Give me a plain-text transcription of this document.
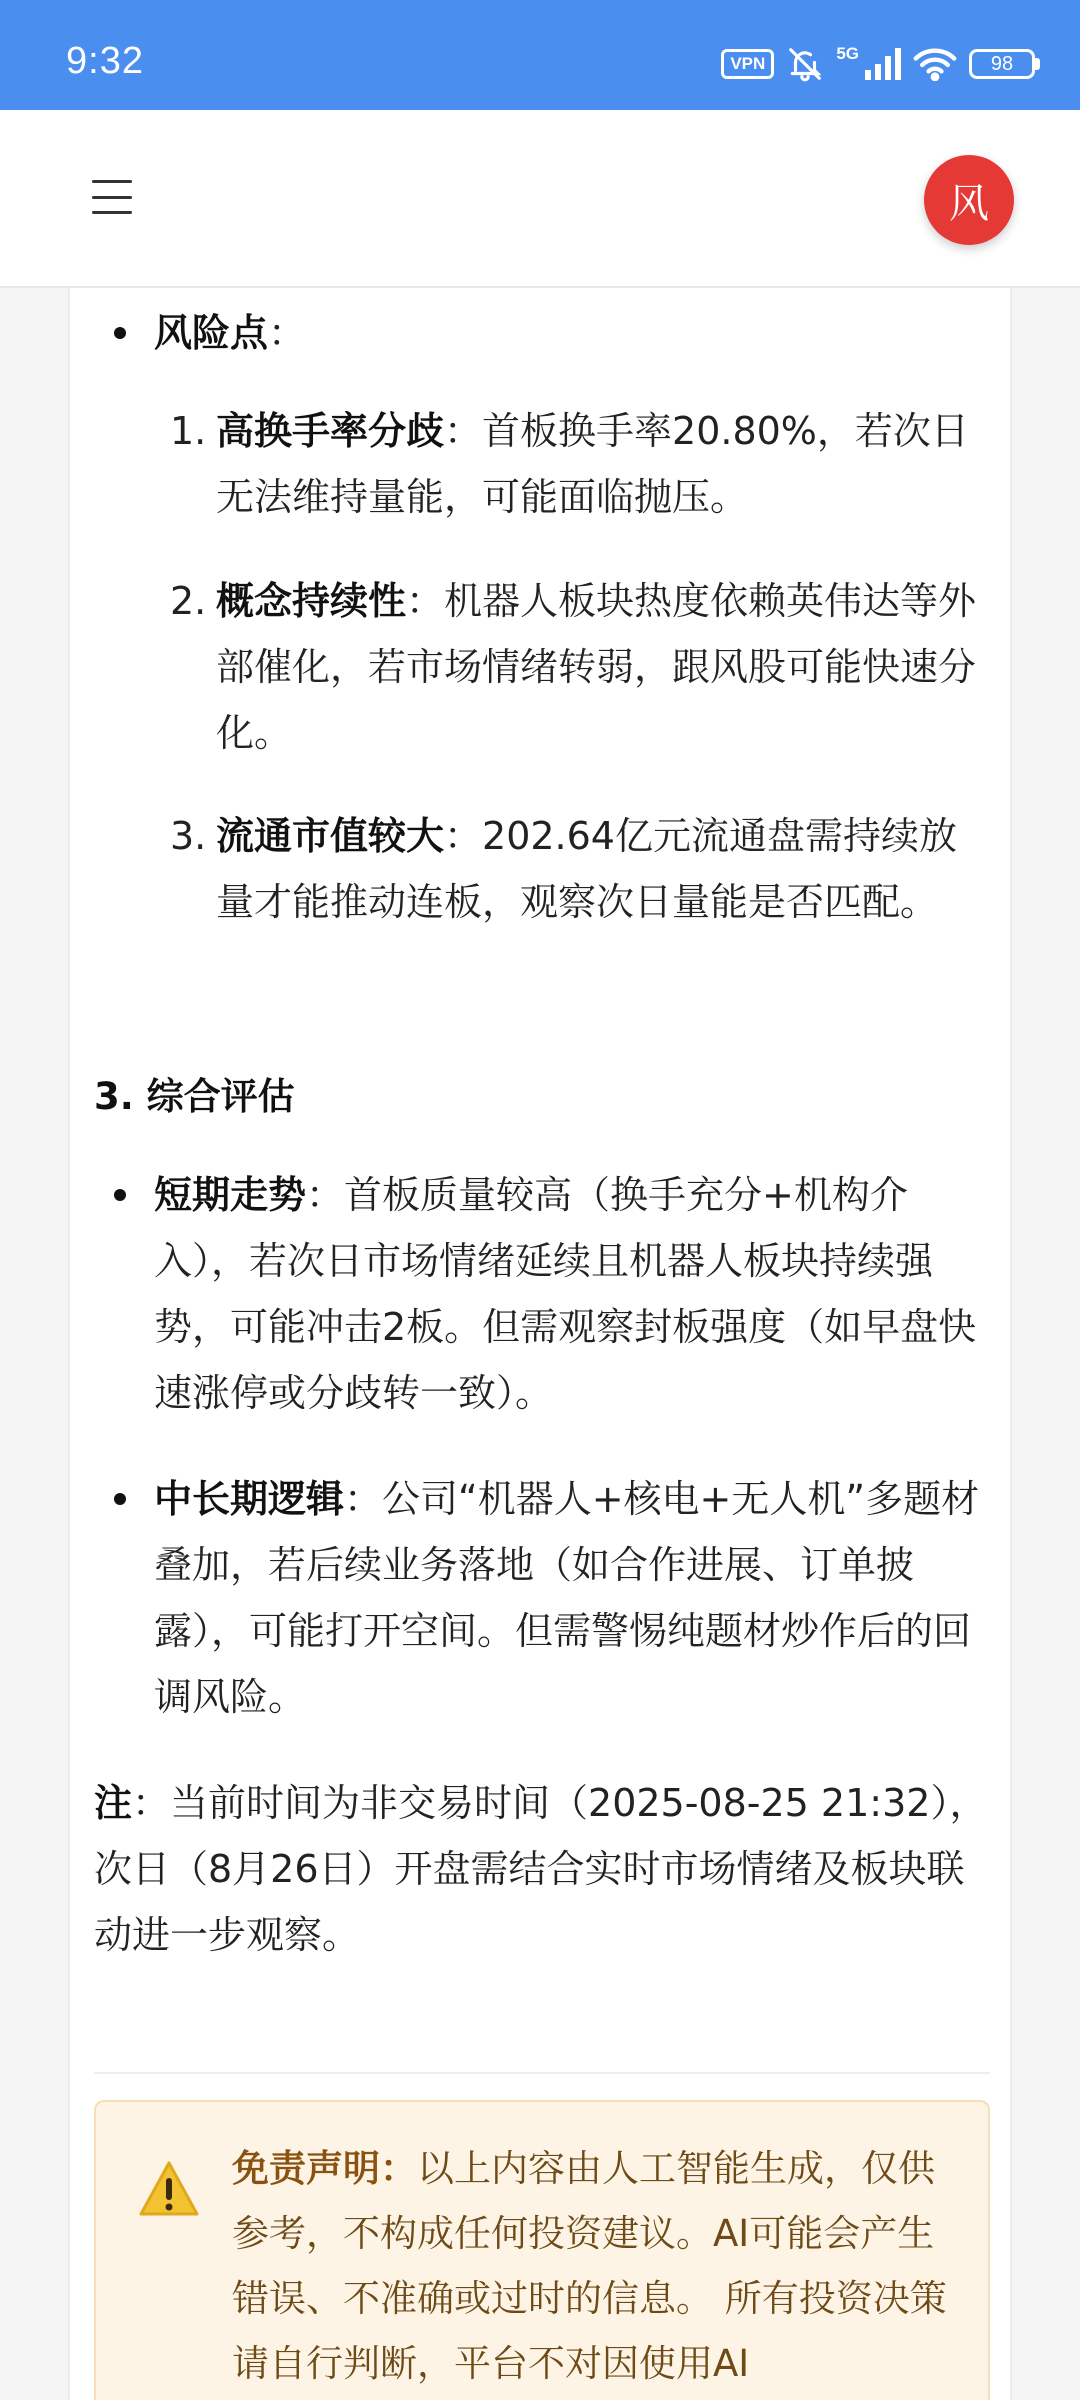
9:32	VPN
5G	98
风
风险点：
1. 高换手率分歧：首板换手率20.80%，若次日无法维持量能，可能面临抛压。
2. 概念持续性：机器人板块热度依赖英伟达等外部催化，若市场情绪转弱，跟风股可能快速分化。
3. 流通市值较大：202.64亿元流通盘需持续放量才能推动连板，观察次日量能是否匹配。
3. 综合评估
短期走势：首板质量较高（换手充分+机构介入），若次日市场情绪延续且机器人板块持续强势，可能冲击2板。但需观察封板强度（如早盘快速涨停或分歧转一致）。
中长期逻辑：公司“机器人+核电+无人机”多题材叠加，若后续业务落地（如合作进展、订单披露），可能打开空间。但需警惕纯题材炒作后的回调风险。
注：当前时间为非交易时间（2025-08-25 21:32），次日（8月26日）开盘需结合实时市场情绪及板块联动进一步观察。
免责声明：以上内容由人工智能生成，仅供参考，不构成任何投资建议。AI可能会产生错误、不准确或过时的信息。 所有投资决策请自行判断，平台不对因使用AI
